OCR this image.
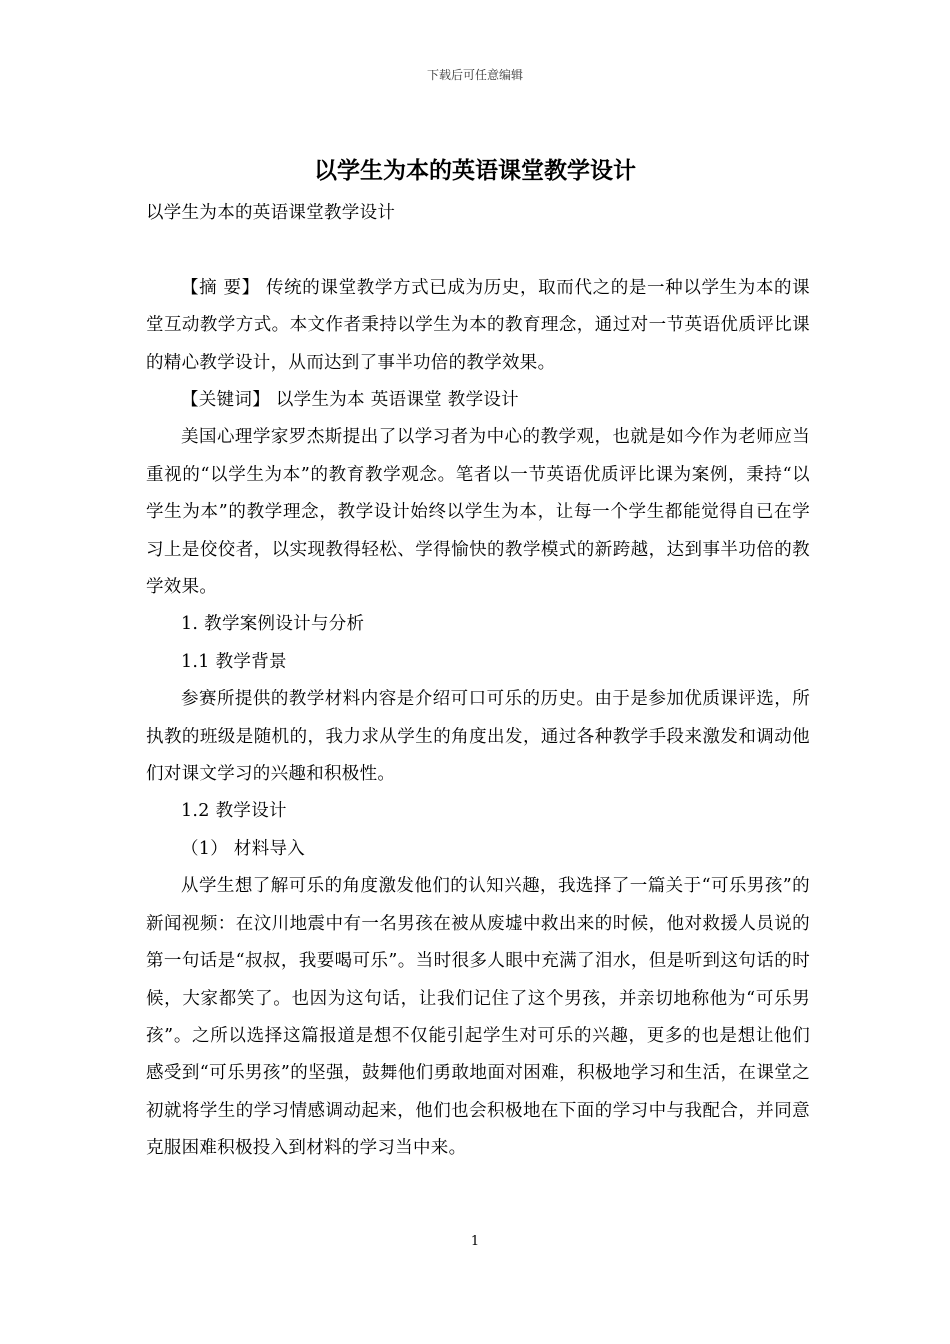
下载后可任意编辑
以学生为本的英语课堂教学设计

以学生为本的英语课堂教学设计

【摘 要】 传统的课堂教学方式已成为历史，取而代之的是一种以学生为本的课堂互动教学方式。本文作者秉持以学生为本的教育理念，通过对一节英语优质评比课的精心教学设计，从而达到了事半功倍的教学效果。

【关键词】 以学生为本 英语课堂 教学设计

美国心理学家罗杰斯提出了以学习者为中心的教学观，也就是如今作为老师应当重视的“以学生为本”的教育教学观念。笔者以一节英语优质评比课为案例，秉持“以学生为本”的教学理念，教学设计始终以学生为本，让每一个学生都能觉得自已在学习上是佼佼者，以实现教得轻松、学得愉快的教学模式的新跨越，达到事半功倍的教学效果。

1. 教学案例设计与分析

1.1 教学背景

参赛所提供的教学材料内容是介绍可口可乐的历史。由于是参加优质课评选，所执教的班级是随机的，我力求从学生的角度出发，通过各种教学手段来激发和调动他们对课文学习的兴趣和积极性。

1.2 教学设计

（1） 材料导入

从学生想了解可乐的角度激发他们的认知兴趣，我选择了一篇关于“可乐男孩”的新闻视频：在汶川地震中有一名男孩在被从废墟中救出来的时候，他对救援人员说的第一句话是“叔叔，我要喝可乐”。当时很多人眼中充满了泪水，但是听到这句话的时候，大家都笑了。也因为这句话，让我们记住了这个男孩，并亲切地称他为“可乐男孩”。之所以选择这篇报道是想不仅能引起学生对可乐的兴趣，更多的也是想让他们感受到“可乐男孩”的坚强，鼓舞他们勇敢地面对困难，积极地学习和生活，在课堂之初就将学生的学习情感调动起来，他们也会积极地在下面的学习中与我配合，并同意克服困难积极投入到材料的学习当中来。

1
